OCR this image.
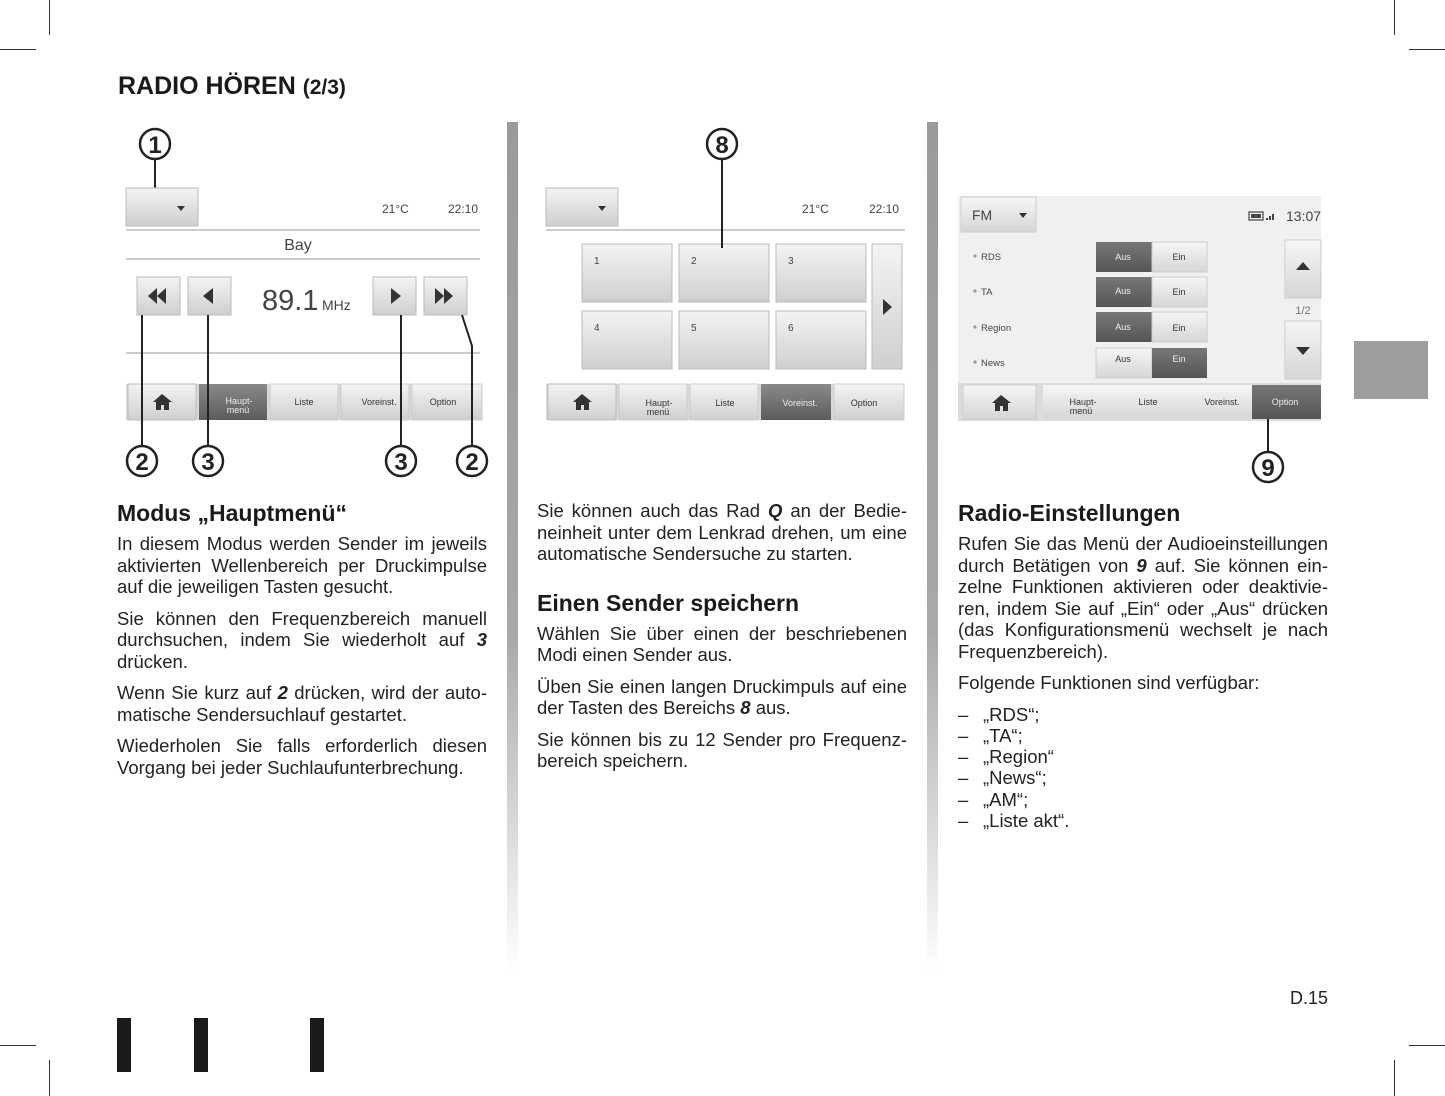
RADIO HÖREN (2/3)
1
21°C	22:10
Bay
89.1 MHz
Haupt-
menü
Liste	Voreinst.	Option
2 3	3 2
8
21°C	22:10
1	2	3
4	5	6
Haupt-
menü
Liste	Voreinst.	Option
FM	13:07
RDS	Aus	Ein
TA	Aus	Ein
Region	Aus	Ein
News	Aus	Ein
1/2
Haupt-
menü
Liste	Voreinst.	Option
9
Modus „Hauptmenü“

In diesem Modus werden Sender im jeweils aktivierten Wellenbereich per Druckimpulse auf die jeweiligen Tasten gesucht.

Sie können den Frequenzbereich manuell durchsuchen, indem Sie wiederholt auf 3 drücken.

Wenn Sie kurz auf 2 drücken, wird der automatische Sendersuchlauf gestartet.

Wiederholen Sie falls erforderlich diesen Vorgang bei jeder Suchlaufunterbrechung.

Sie können auch das Rad Q an der Bedieneinheit unter dem Lenkrad drehen, um eine automatische Sendersuche zu starten.

Einen Sender speichern

Wählen Sie über einen der beschriebenen Modi einen Sender aus.

Üben Sie einen langen Druckimpuls auf eine der Tasten des Bereichs 8 aus.

Sie können bis zu 12 Sender pro Frequenzbereich speichern.

Radio-Einstellungen

Rufen Sie das Menü der Audioeinsteillungen durch Betätigen von 9 auf. Sie können einzelne Funktionen aktivieren oder deaktivieren, indem Sie auf „Ein“ oder „Aus“ drücken (das Konfigurationsmenü wechselt je nach Frequenzbereich).

Folgende Funktionen sind verfügbar:

– „RDS“;
– „TA“;
– „Region“
– „News“;
– „AM“;
– „Liste akt“.
D.15
